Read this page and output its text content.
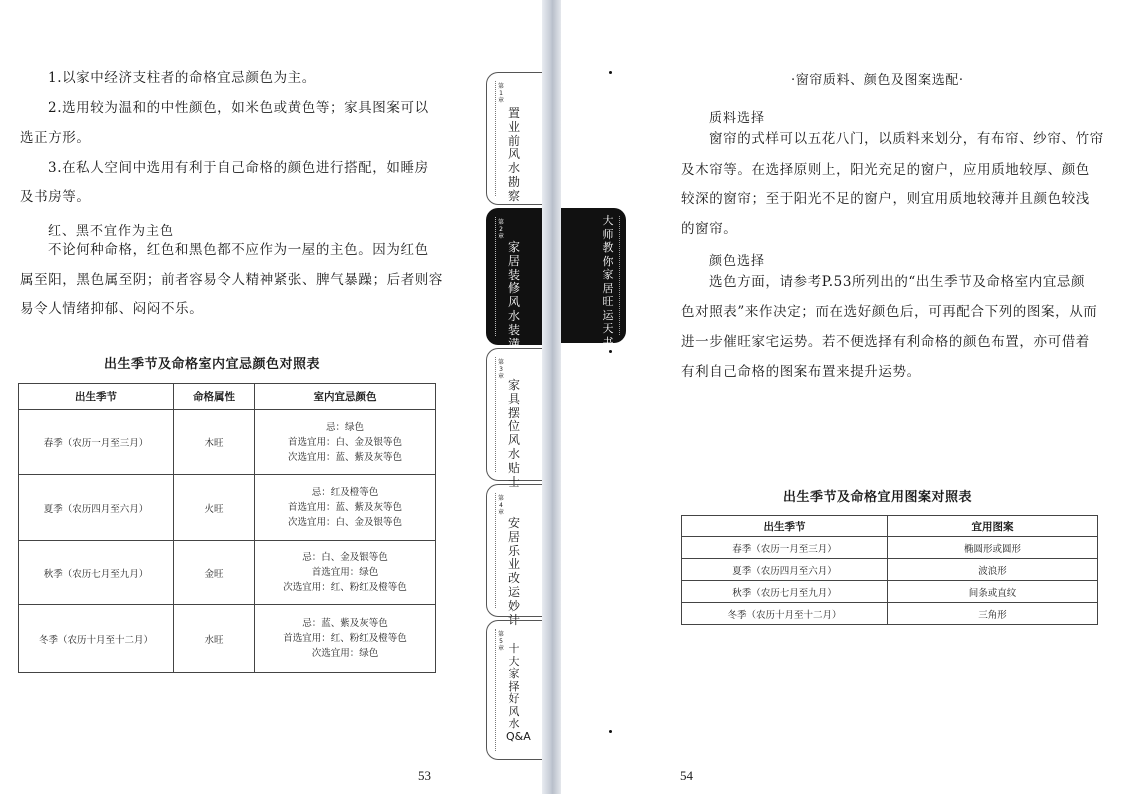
1.以家中经济支柱者的命格宜忌颜色为主。
2.选用较为温和的中性颜色，如米色或黄色等；家具图案可以
选正方形。
3.在私人空间中选用有利于自己命格的颜色进行搭配，如睡房
及书房等。
红、黑不宜作为主色
不论何种命格，红色和黑色都不应作为一屋的主色。因为红色
属至阳，黑色属至阴；前者容易令人精神紧张、脾气暴躁；后者则容
易令人情绪抑郁、闷闷不乐。
出生季节及命格室内宜忌颜色对照表
出生季节	命格属性	室内宜忌颜色
春季（农历一月至三月）	木旺	忌：绿色
首选宜用：白、金及银等色
次选宜用：蓝、紫及灰等色

夏季（农历四月至六月）	火旺	忌：红及橙等色
首选宜用：蓝、紫及灰等色
次选宜用：白、金及银等色

秋季（农历七月至九月）	金旺	忌：白、金及银等色
首选宜用：绿色
次选宜用：红、粉红及橙等色

冬季（农历十月至十二月）	水旺	忌：蓝、紫及灰等色
首选宜用：红、粉红及橙等色
次选宜用：绿色
53
第1章
置业前风水勘察
第2章
家居装修风水装潢
第3章
家具摆位风水贴士
第4章
安居乐业改运妙计
第5章 十大家择好风水Q&A
大师教你家居旺运天书
·窗帘质料、颜色及图案选配·
质料选择
窗帘的式样可以五花八门，以质料来划分，有布帘、纱帘、竹帘
及木帘等。在选择原则上，阳光充足的窗户，应用质地较厚、颜色
较深的窗帘；至于阳光不足的窗户，则宜用质地较薄并且颜色较浅
的窗帘。
颜色选择
选色方面，请参考P.53所列出的“出生季节及命格室内宜忌颜
色对照表”来作决定；而在选好颜色后，可再配合下列的图案，从而
进一步催旺家宅运势。若不便选择有利命格的颜色布置，亦可借着
有利自己命格的图案布置来提升运势。
出生季节及命格宜用图案对照表
出生季节	宜用图案
春季（农历一月至三月）	椭圆形或圆形
夏季（农历四月至六月）	波浪形
秋季（农历七月至九月）	间条或直纹
冬季（农历十月至十二月）	三角形
54
